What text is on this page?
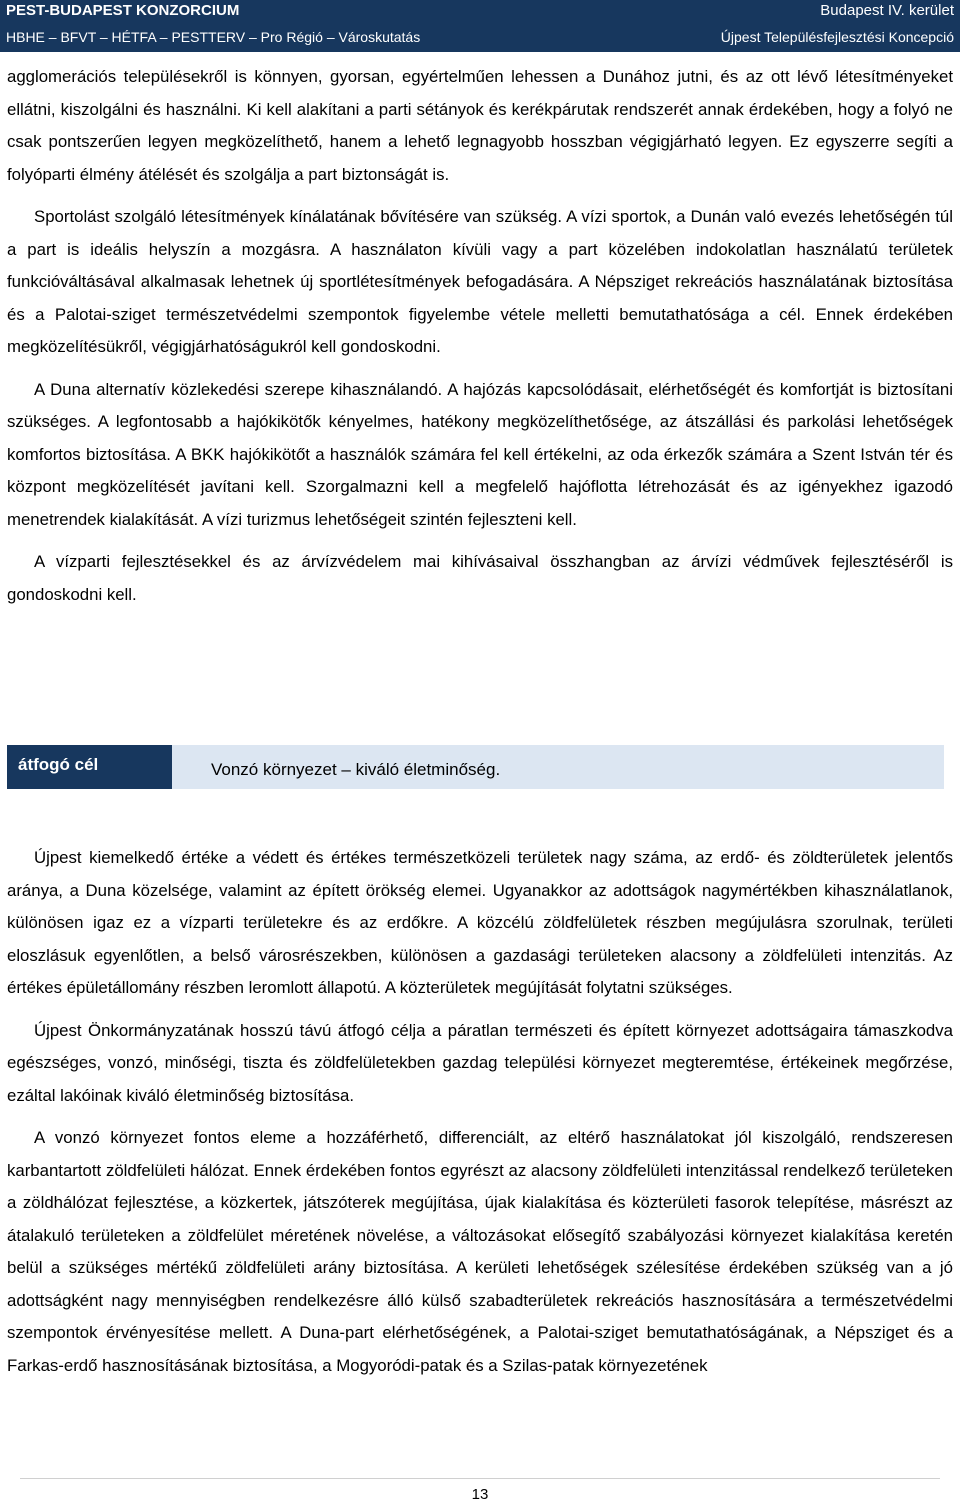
PEST-BUDAPEST KONZORCIUM	Budapest IV. kerület
HBHE – BFVT – HÉTFA – PESTTERV – Pro Régió – Városkutatás	Újpest Településfejlesztési Koncepció

agglomerációs településekről is könnyen, gyorsan, egyértelműen lehessen a Dunához jutni, és az ott lévő létesítményeket ellátni, kiszolgálni és használni. Ki kell alakítani a parti sétányok és kerékpárutak rendszerét annak érdekében, hogy a folyó ne csak pontszerűen legyen megközelíthető, hanem a lehető legnagyobb hosszban végigjárható legyen. Ez egyszerre segíti a folyóparti élmény átélését és szolgálja a part biztonságát is.

Sportolást szolgáló létesítmények kínálatának bővítésére van szükség. A vízi sportok, a Dunán való evezés lehetőségén túl a part is ideális helyszín a mozgásra. A használaton kívüli vagy a part közelében indokolatlan használatú területek funkcióváltásával alkalmasak lehetnek új sportlétesítmények befogadására. A Népsziget rekreációs használatának biztosítása és a Palotai-sziget természetvédelmi szempontok figyelembe vétele melletti bemutathatósága a cél. Ennek érdekében megközelítésükről, végigjárhatóságukról kell gondoskodni.

A Duna alternatív közlekedési szerepe kihasználandó. A hajózás kapcsolódásait, elérhetőségét és komfortját is biztosítani szükséges. A legfontosabb a hajókikötők kényelmes, hatékony megközelíthetősége, az átszállási és parkolási lehetőségek komfortos biztosítása. A BKK hajókikötőt a használók számára fel kell értékelni, az oda érkezők számára a Szent István tér és központ megközelítését javítani kell. Szorgalmazni kell a megfelelő hajóflotta létrehozását és az igényekhez igazodó menetrendek kialakítását. A vízi turizmus lehetőségeit szintén fejleszteni kell.

A vízparti fejlesztésekkel és az árvízvédelem mai kihívásaival összhangban az árvízi védművek fejlesztéséről is gondoskodni kell.

átfogó cél	Vonzó környezet – kiváló életminőség.

Újpest kiemelkedő értéke a védett és értékes természetközeli területek nagy száma, az erdő- és zöldterületek jelentős aránya, a Duna közelsége, valamint az épített örökség elemei. Ugyanakkor az adottságok nagymértékben kihasználatlanok, különösen igaz ez a vízparti területekre és az erdőkre. A közcélú zöldfelületek részben megújulásra szorulnak, területi eloszlásuk egyenlőtlen, a belső városrészekben, különösen a gazdasági területeken alacsony a zöldfelületi intenzitás. Az értékes épületállomány részben leromlott állapotú. A közterületek megújítását folytatni szükséges.

Újpest Önkormányzatának hosszú távú átfogó célja a páratlan természeti és épített környezet adottságaira támaszkodva egészséges, vonzó, minőségi, tiszta és zöldfelületekben gazdag települési környezet megteremtése, értékeinek megőrzése, ezáltal lakóinak kiváló életminőség biztosítása.

A vonzó környezet fontos eleme a hozzáférhető, differenciált, az eltérő használatokat jól kiszolgáló, rendszeresen karbantartott zöldfelületi hálózat. Ennek érdekében fontos egyrészt az alacsony zöldfelületi intenzitással rendelkező területeken a zöldhálózat fejlesztése, a közkertek, játszóterek megújítása, újak kialakítása és közterületi fasorok telepítése, másrészt az átalakuló területeken a zöldfelület méretének növelése, a változásokat elősegítő szabályozási környezet kialakítása keretén belül a szükséges mértékű zöldfelületi arány biztosítása. A kerületi lehetőségek szélesítése érdekében szükség van a jó adottságként nagy mennyiségben rendelkezésre álló külső szabadterületek rekreációs hasznosítására a természetvédelmi szempontok érvényesítése mellett. A Duna-part elérhetőségének, a Palotai-sziget bemutathatóságának, a Népsziget és a Farkas-erdő hasznosításának biztosítása, a Mogyoródi-patak és a Szilas-patak környezetének

13
